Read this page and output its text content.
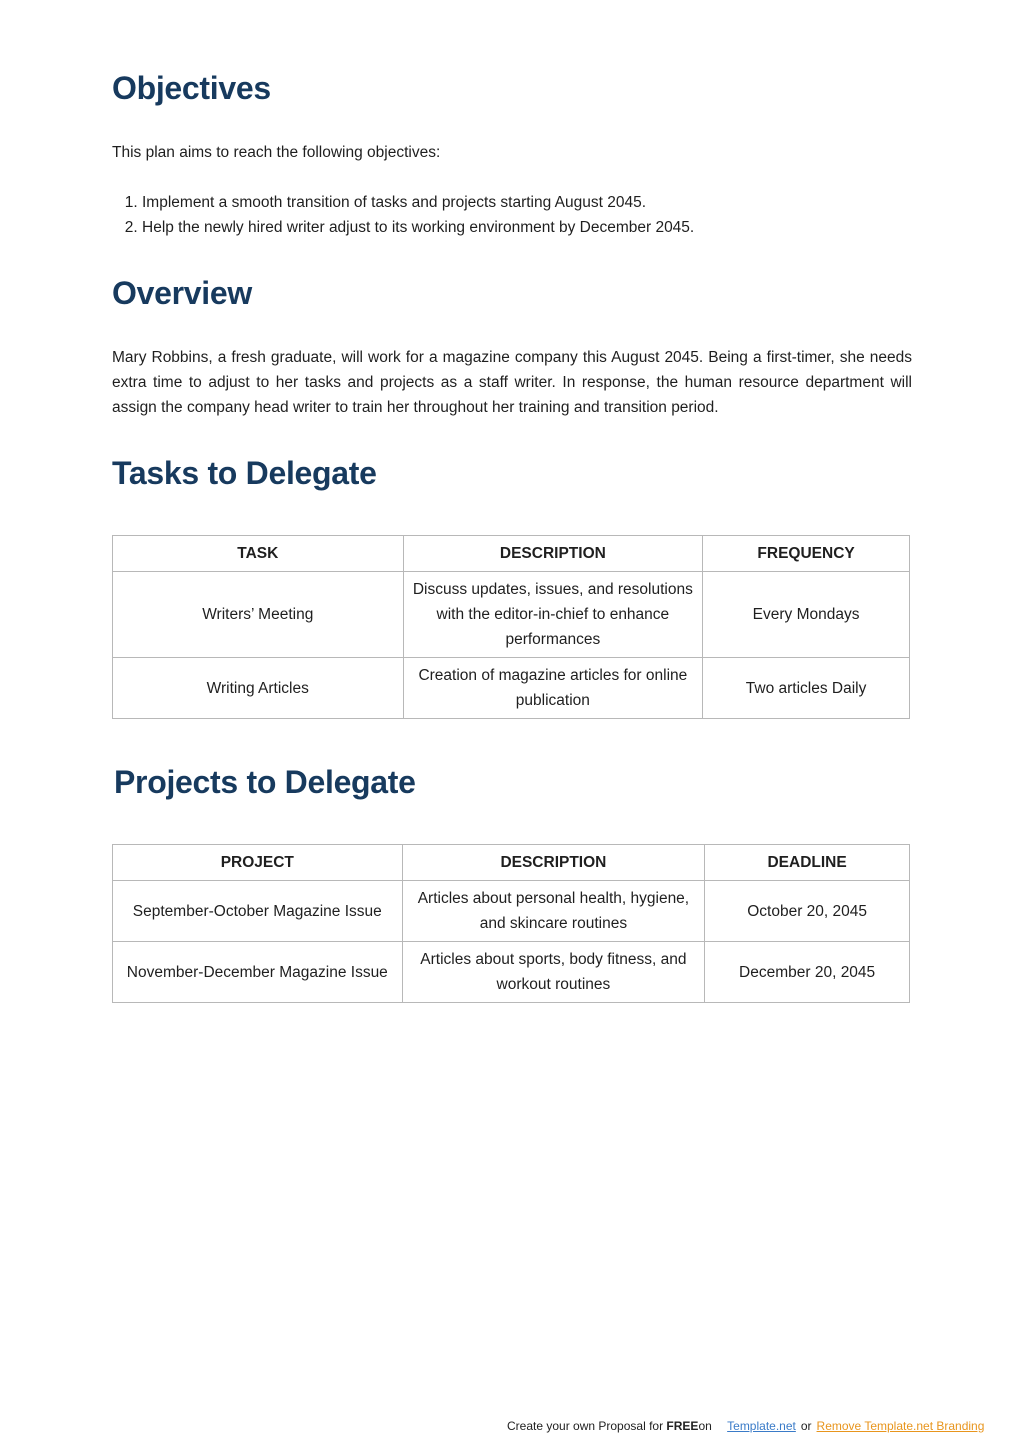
Objectives

This plan aims to reach the following objectives:

1. Implement a smooth transition of tasks and projects starting August 2045.
2. Help the newly hired writer adjust to its working environment by December 2045.
Overview

Mary Robbins, a fresh graduate, will work for a magazine company this August 2045. Being a first-timer, she needs extra time to adjust to her tasks and projects as a staff writer. In response, the human resource department will assign the company head writer to train her throughout her training and transition period.

Tasks to Delegate
TASK	DESCRIPTION	FREQUENCY
Writers’ Meeting	Discuss updates, issues, and resolutions with the editor-in-chief to enhance performances	Every Mondays
Writing Articles	Creation of magazine articles for online publication	Two articles Daily
Projects to Delegate
PROJECT	DESCRIPTION	DEADLINE
September-October Magazine Issue	Articles about personal health, hygiene, and skincare routines	October 20, 2045
November-December Magazine Issue	Articles about sports, body fitness, and workout routines	December 20, 2045
Create your own Proposal for FREEon Template.net or Remove Template.net Branding
